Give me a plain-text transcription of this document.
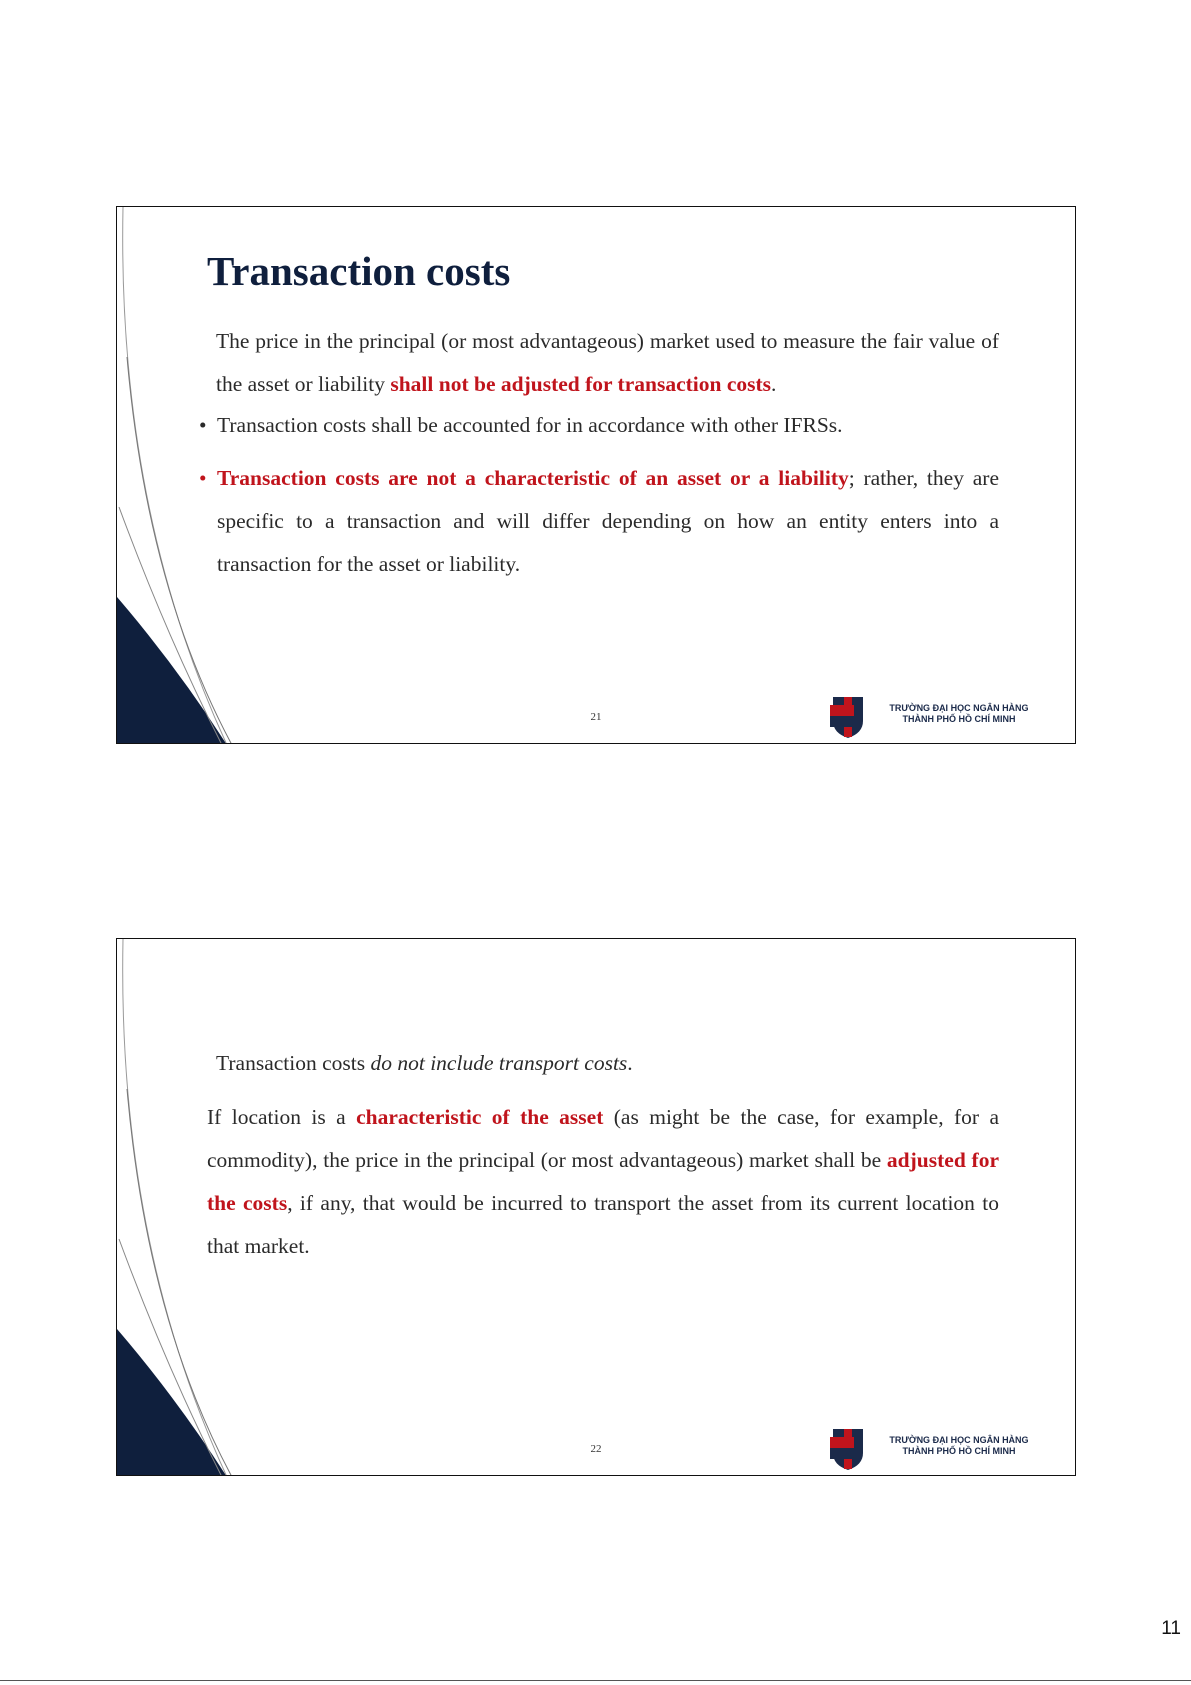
Transaction costs
The price in the principal (or most advantageous) market used to measure the fair value of the asset or liability shall not be adjusted for transaction costs.
• Transaction costs shall be accounted for in accordance with other IFRSs.
• Transaction costs are not a characteristic of an asset or a liability; rather, they are specific to a transaction and will differ depending on how an entity enters into a transaction for the asset or liability.
21
TRƯỜNG ĐẠI HỌC NGÂN HÀNG
THÀNH PHỐ HỒ CHÍ MINH
Transaction costs do not include transport costs.
If location is a characteristic of the asset (as might be the case, for example, for a commodity), the price in the principal (or most advantageous) market shall be adjusted for the costs, if any, that would be incurred to transport the asset from its current location to that market.
22
TRƯỜNG ĐẠI HỌC NGÂN HÀNG
THÀNH PHỐ HỒ CHÍ MINH
11
